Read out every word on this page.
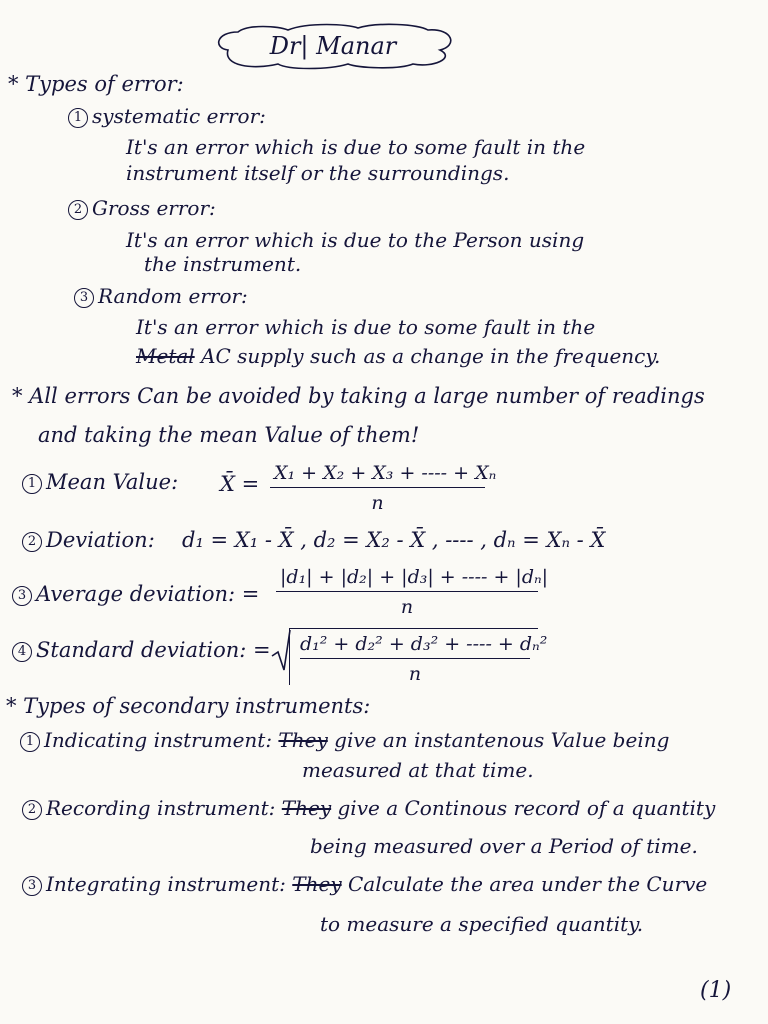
Dr| Manar
* Types of error:
1 systematic error:
It's an error which is due to some fault in the
instrument itself or the surroundings.
2 Gross error:
It's an error which is due to the Person using
the instrument.
3 Random error:
It's an error which is due to some fault in the
Metal AC supply such as a change in the frequency.
* All errors Can be avoided by taking a large number of readings
and taking the mean Value of them!
1 Mean Value: X̄ = $\frac{\text{X₁ + X₂ + X₃ + ---- + Xₙ}}{n}$
2 Deviation: d₁ = X₁ - X̄ , d₂ = X₂ - X̄ , ---- , dₙ = Xₙ - X̄
3 Average deviation: = $\frac{\text{|d₁| + |d₂| + |d₃| + ---- + |dₙ|}}{n}$
4 Standard deviation: = $\frac{\text{d₁² + d₂² + d₃² + ---- + dₙ²}}{n}$
* Types of secondary instruments:
1 Indicating instrument: They give an instantenous Value being
measured at that time.
2 Recording instrument: They give a Continous record of a quantity
being measured over a Period of time.
3 Integrating instrument: They Calculate the area under the Curve
to measure a specified quantity.
(1)
